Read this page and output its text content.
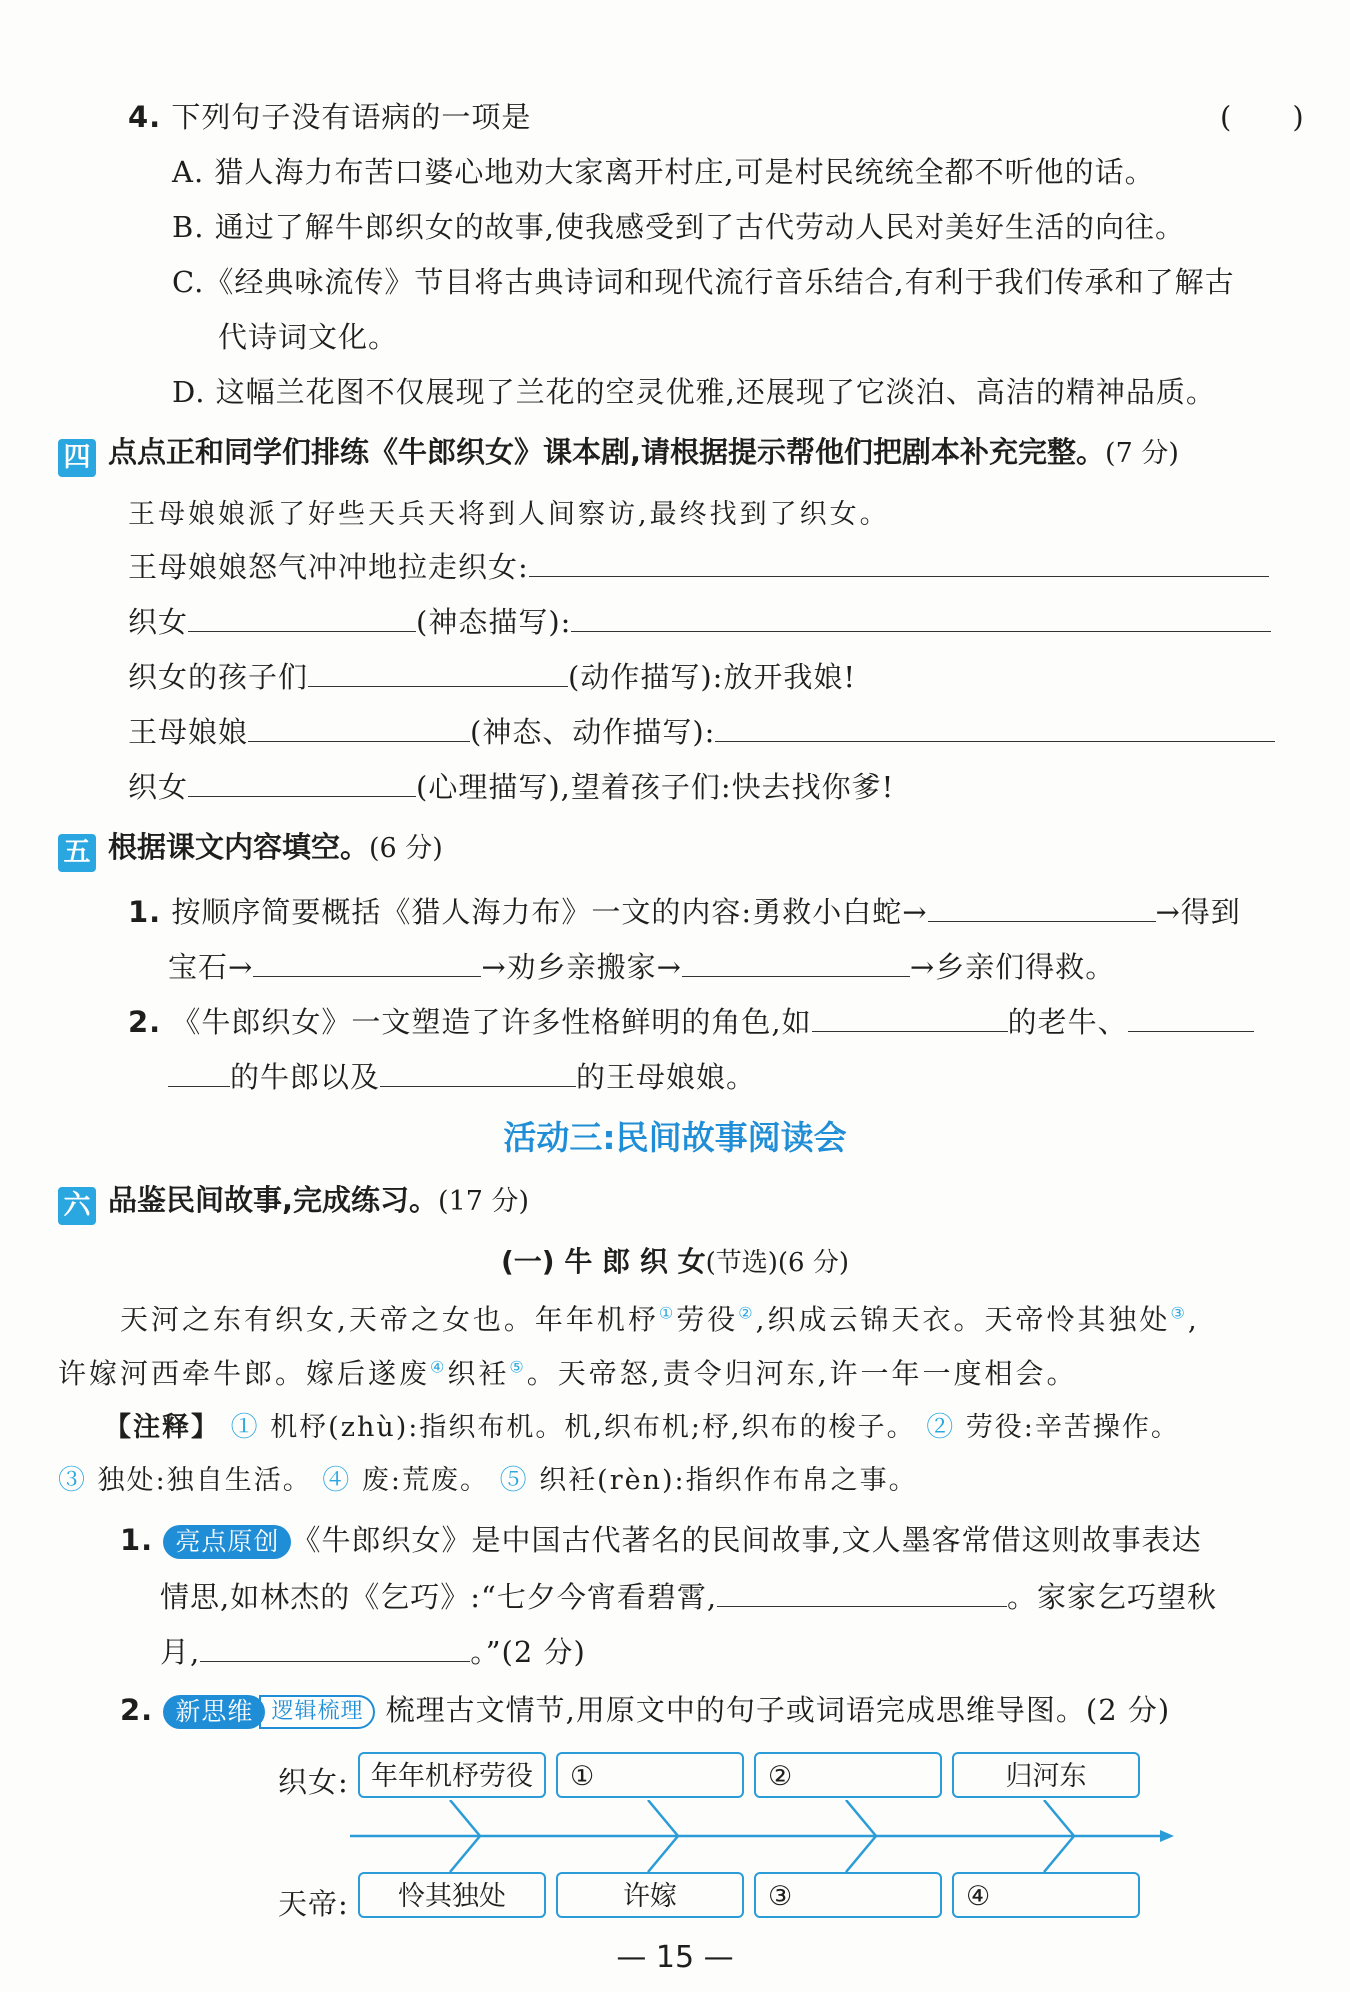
4. 下列句子没有语病的一项是	(　　)
A. 猎人海力布苦口婆心地劝大家离开村庄,可是村民统统全都不听他的话。
B. 通过了解牛郎织女的故事,使我感受到了古代劳动人民对美好生活的向往。
C.《经典咏流传》节目将古典诗词和现代流行音乐结合,有利于我们传承和了解古
代诗词文化。
D. 这幅兰花图不仅展现了兰花的空灵优雅,还展现了它淡泊、高洁的精神品质。
四 点点正和同学们排练《牛郎织女》课本剧,请根据提示帮他们把剧本补充完整。(7 分)
王母娘娘派了好些天兵天将到人间察访,最终找到了织女。
王母娘娘怒气冲冲地拉走织女:
织女	(神态描写):
织女的孩子们	(动作描写):放开我娘!
王母娘娘	(神态、动作描写):
织女	(心理描写),望着孩子们:快去找你爹!
五 根据课文内容填空。(6 分)
1. 按顺序简要概括《猎人海力布》一文的内容:勇救小白蛇→	→得到
宝石→	→劝乡亲搬家→	→乡亲们得救。
2. 《牛郎织女》一文塑造了许多性格鲜明的角色,如	的老牛、
的牛郎以及	的王母娘娘。
活动三:民间故事阅读会
六 品鉴民间故事,完成练习。(17 分)
(一) 牛 郎 织 女(节选)(6 分)
天河之东有织女,天帝之女也。年年机杼①劳役②,织成云锦天衣。天帝怜其独处③,
许嫁河西牵牛郎。嫁后遂废④织衽⑤。天帝怒,责令归河东,许一年一度相会。
【注释】 ① 机杼(zhù):指织布机。机,织布机;杼,织布的梭子。 ② 劳役:辛苦操作。
③ 独处:独自生活。 ④ 废:荒废。 ⑤ 织衽(rèn):指织作布帛之事。
1. 亮点原创 《牛郎织女》是中国古代著名的民间故事,文人墨客常借这则故事表达
情思,如林杰的《乞巧》:“七夕今宵看碧霄,	。家家乞巧望秋
月,	。”(2 分)
2. 新思维 逻辑梳理 梳理古文情节,用原文中的句子或词语完成思维导图。(2 分)
织女:
天帝:
年年机杼劳役	①	②	归河东
怜其独处	许嫁	③	④
— 15 —
